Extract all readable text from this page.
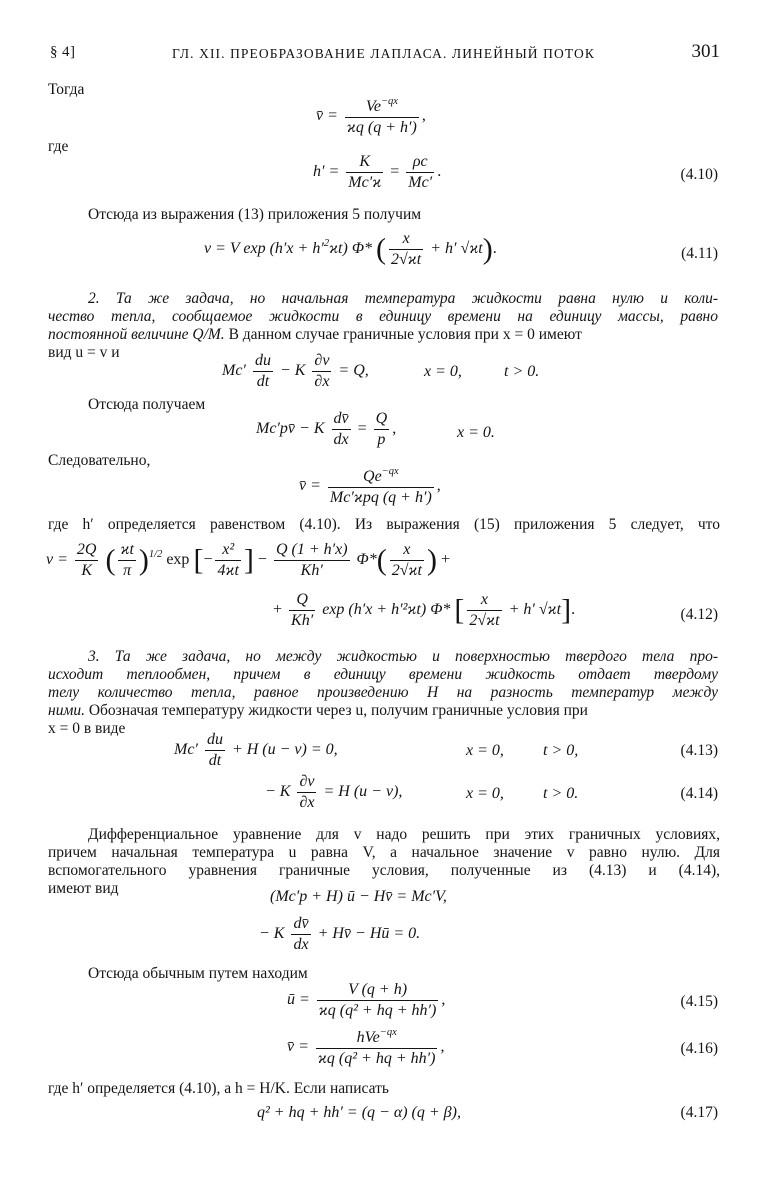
§ 4]	ГЛ. XII. ПРЕОБРАЗОВАНИЕ ЛАПЛАСА. ЛИНЕЙНЫЙ ПОТОК	301
Тогда
v̄ = $\frac{Ve^{-qx}}{ϰq (q + h')}$ ,
где
$h' = \frac{K}{Mc'ϰ} = \frac{\rho c}{Mc'}$ .	(4.10)
Отсюда из выражения (13) приложения 5 получим
v = V $\exp (h'x + h'^2ϰt)$ Φ* ( $\frac{x}{2√ϰt} + h'$ √ϰt).	(4.11)
2. Та же задача, но начальная температура жидкости равна нулю и коли-
чество тепла, сообщаемое жидкости в единицу времени на единицу массы, равно
постоянной величине Q/M. В данном случае граничные условия при x = 0 имеют
вид u = v и
$Mc' \frac{du}{dt} - K \frac{\partial v}{\partial x} = Q$,	x = 0,	t > 0.
Отсюда получаем
Mc′pv̄ − K $\frac{dv̄}{dx} = \frac{Q}{p}$ ,	x = 0.
Следовательно,
v̄ =
$Qe^{-qx}$
Mc′ϰpq (q + h′)
,
где h′ определяется равенством (4.10). Из выражения (15) приложения 5 следует, что
$v = \frac{2Q}{K}$ ( $\frac{ϰt}{\pi} )^{1/2}$ exp [− $\frac{\text{x²}}{4ϰt}$ ] − $\frac{Q (1 + h'x)}{Kh'} \Phi*( \frac{x}{2√ϰt}$ ) +
+ $\frac{Q}{Kh'}$ exp (h′x + h′²ϰt) Φ* [ $\frac{x}{2√ϰt} + h'$ √ϰt].	(4.12)
3. Та же задача, но между жидкостью и поверхностью твердого тела про-
исходит теплообмен, причем в единицу времени жидкость отдает твердому
телу количество тепла, равное произведению H на разность температур между
ними. Обозначая температуру жидкости через u, получим граничные условия при
x = 0 в виде
$Mc' \frac{du}{dt} + H$ (u − v) = 0,	x = 0, t > 0,	(4.13)
− K $\frac{\partial v}{\partial x} = H$ (u − v),	x = 0, t > 0.	(4.14)
Дифференциальное уравнение для v надо решить при этих граничных условиях,
причем начальная температура u равна V, а начальное значение v равно нулю. Для
вспомогательного уравнения граничные условия, полученные из (4.13) и (4.14),
имеют вид	(Mc′p + H) ū − Hv̄ = Mc′V,
− K $\frac{dv̄}{dx}$ + Hv̄ − Hū = 0.
Отсюда обычным путем находим
ū = $\frac{V (q + h)}{\text{ϰq (q² + hq + hh′)}}$ ,	(4.15)
v̄ =
hVe$^{-qx}$
ϰq (q² + hq + hh′)
,	(4.16)
где h′ определяется (4.10), а h = H/K. Если написать
q² + hq + hh′ = (q − α) (q + β),	(4.17)
